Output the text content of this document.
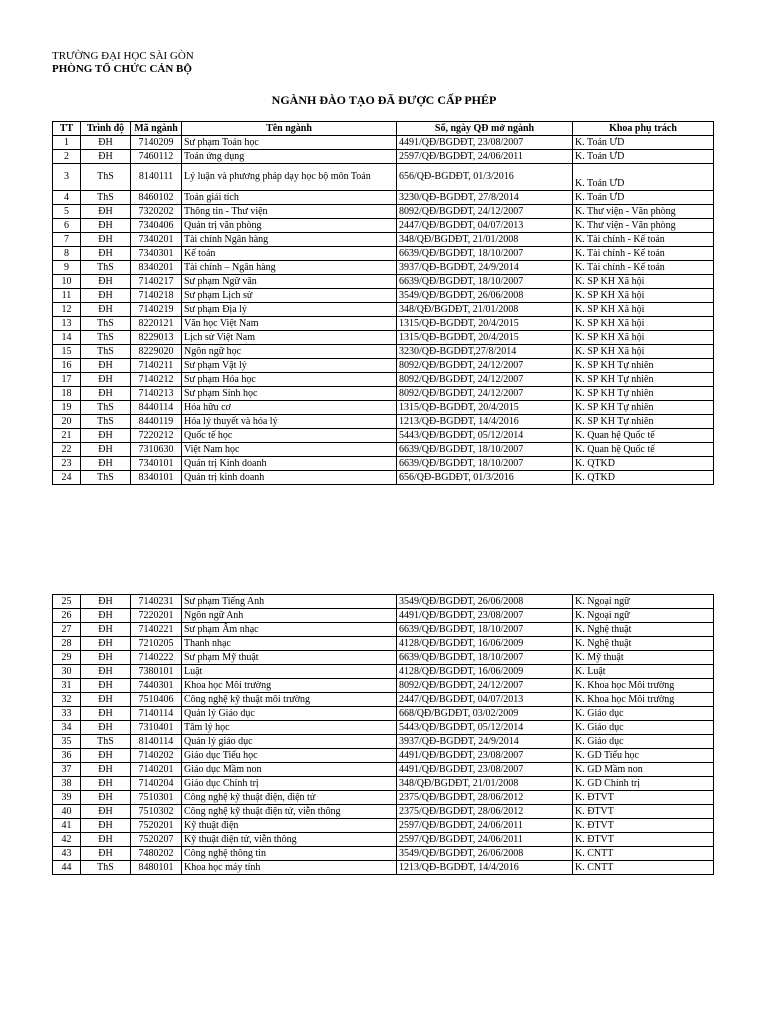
TRƯỜNG ĐẠI HỌC SÀI GÒN
PHÒNG TỔ CHỨC CÁN BỘ
NGÀNH ĐÀO TẠO ĐÃ ĐƯỢC CẤP PHÉP
TT	Trình độ	Mã ngành	Tên ngành	Số, ngày QĐ mở ngành	Khoa phụ trách
1	ĐH	7140209	Sư phạm Toán học	4491/QĐ/BGDĐT, 23/08/2007	K. Toán ƯD
2	ĐH	7460112	Toán ứng dụng	2597/QĐ/BGDĐT, 24/06/2011	K. Toán ƯD
3	ThS	8140111	Lý luận và phương pháp dạy học bộ môn Toán	656/QĐ-BGDĐT, 01/3/2016	K. Toán ƯD
4	ThS	8460102	Toán giải tích	3230/QĐ-BGDĐT, 27/8/2014	K. Toán ƯD
5	ĐH	7320202	Thông tin - Thư viện	8092/QĐ/BGDĐT, 24/12/2007	K. Thư viện - Văn phòng
6	ĐH	7340406	Quản trị văn phòng	2447/QĐ/BGDĐT, 04/07/2013	K. Thư viện - Văn phòng
7	ĐH	7340201	Tài chính Ngân hàng	348/QĐ/BGDĐT, 21/01/2008	K. Tài chính - Kế toán
8	ĐH	7340301	Kế toán	6639/QĐ/BGDĐT, 18/10/2007	K. Tài chính - Kế toán
9	ThS	8340201	Tài chính – Ngân hàng	3937/QĐ-BGDĐT, 24/9/2014	K. Tài chính - Kế toán
10	ĐH	7140217	Sư phạm Ngữ văn	6639/QĐ/BGDĐT, 18/10/2007	K. SP KH Xã hội
11	ĐH	7140218	Sư phạm Lịch sử	3549/QĐ/BGDĐT, 26/06/2008	K. SP KH Xã hội
12	ĐH	7140219	Sư phạm Địa lý	348/QĐ/BGDĐT, 21/01/2008	K. SP KH Xã hội
13	ThS	8220121	Văn học Việt Nam	1315/QĐ-BGDĐT, 20/4/2015	K. SP KH Xã hội
14	ThS	8229013	Lịch sử Việt Nam	1315/QĐ-BGDĐT, 20/4/2015	K. SP KH Xã hội
15	ThS	8229020	Ngôn ngữ học	3230/QĐ-BGDĐT,27/8/2014	K. SP KH Xã hội
16	ĐH	7140211	Sư phạm Vật lý	8092/QĐ/BGDĐT, 24/12/2007	K. SP KH Tự nhiên
17	ĐH	7140212	Sư phạm Hóa học	8092/QĐ/BGDĐT, 24/12/2007	K. SP KH Tự nhiên
18	ĐH	7140213	Sư phạm Sinh học	8092/QĐ/BGDĐT, 24/12/2007	K. SP KH Tự nhiên
19	ThS	8440114	Hóa hữu cơ	1315/QĐ-BGDĐT, 20/4/2015	K. SP KH Tự nhiên
20	ThS	8440119	Hóa lý thuyết và hóa lý	1213/QĐ-BGDĐT, 14/4/2016	K. SP KH Tự nhiên
21	ĐH	7220212	Quốc tế học	5443/QĐ/BGDĐT, 05/12/2014	K. Quan hệ Quốc tế
22	ĐH	7310630	Việt Nam học	6639/QĐ/BGDĐT, 18/10/2007	K. Quan hệ Quốc tế
23	ĐH	7340101	Quản trị Kinh doanh	6639/QĐ/BGDĐT, 18/10/2007	K. QTKD
24	ThS	8340101	Quản trị kinh doanh	656/QĐ-BGDĐT, 01/3/2016	K. QTKD
25	ĐH	7140231	Sư phạm Tiếng Anh	3549/QĐ/BGDĐT, 26/06/2008	K. Ngoại ngữ
26	ĐH	7220201	Ngôn ngữ Anh	4491/QĐ/BGDĐT, 23/08/2007	K. Ngoại ngữ
27	ĐH	7140221	Sư phạm Âm nhạc	6639/QĐ/BGDĐT, 18/10/2007	K. Nghệ thuật
28	ĐH	7210205	Thanh nhạc	4128/QĐ/BGDĐT, 16/06/2009	K. Nghệ thuật
29	ĐH	7140222	Sư phạm Mỹ thuật	6639/QĐ/BGDĐT, 18/10/2007	K. Mỹ thuật
30	ĐH	7380101	Luật	4128/QĐ/BGDĐT, 16/06/2009	K. Luật
31	ĐH	7440301	Khoa học Môi trường	8092/QĐ/BGDĐT, 24/12/2007	K. Khoa học Môi trường
32	ĐH	7510406	Công nghệ kỹ thuật môi trường	2447/QĐ/BGDĐT, 04/07/2013	K. Khoa học Môi trường
33	ĐH	7140114	Quản lý Giáo dục	668/QĐ/BGDĐT, 03/02/2009	K. Giáo dục
34	ĐH	7310401	Tâm lý học	5443/QĐ/BGDĐT, 05/12/2014	K. Giáo dục
35	ThS	8140114	Quản lý giáo dục	3937/QĐ-BGDĐT, 24/9/2014	K. Giáo dục
36	ĐH	7140202	Giáo dục Tiểu học	4491/QĐ/BGDĐT, 23/08/2007	K. GD Tiểu học
37	ĐH	7140201	Giáo dục Mầm non	4491/QĐ/BGDĐT, 23/08/2007	K. GD Mầm non
38	ĐH	7140204	Giáo dục Chính trị	348/QĐ/BGDĐT, 21/01/2008	K. GD Chính trị
39	ĐH	7510301	Công nghệ kỹ thuật điện, điện tử	2375/QĐ/BGDĐT, 28/06/2012	K. ĐTVT
40	ĐH	7510302	Công nghệ kỹ thuật điện tử, viễn thông	2375/QĐ/BGDĐT, 28/06/2012	K. ĐTVT
41	ĐH	7520201	Kỹ thuật điện	2597/QĐ/BGDĐT, 24/06/2011	K. ĐTVT
42	ĐH	7520207	Kỹ thuật điện tử, viễn thông	2597/QĐ/BGDĐT, 24/06/2011	K. ĐTVT
43	ĐH	7480202	Công nghệ thông tin	3549/QĐ/BGDĐT, 26/06/2008	K. CNTT
44	ThS	8480101	Khoa học máy tính	1213/QĐ-BGDĐT, 14/4/2016	K. CNTT
